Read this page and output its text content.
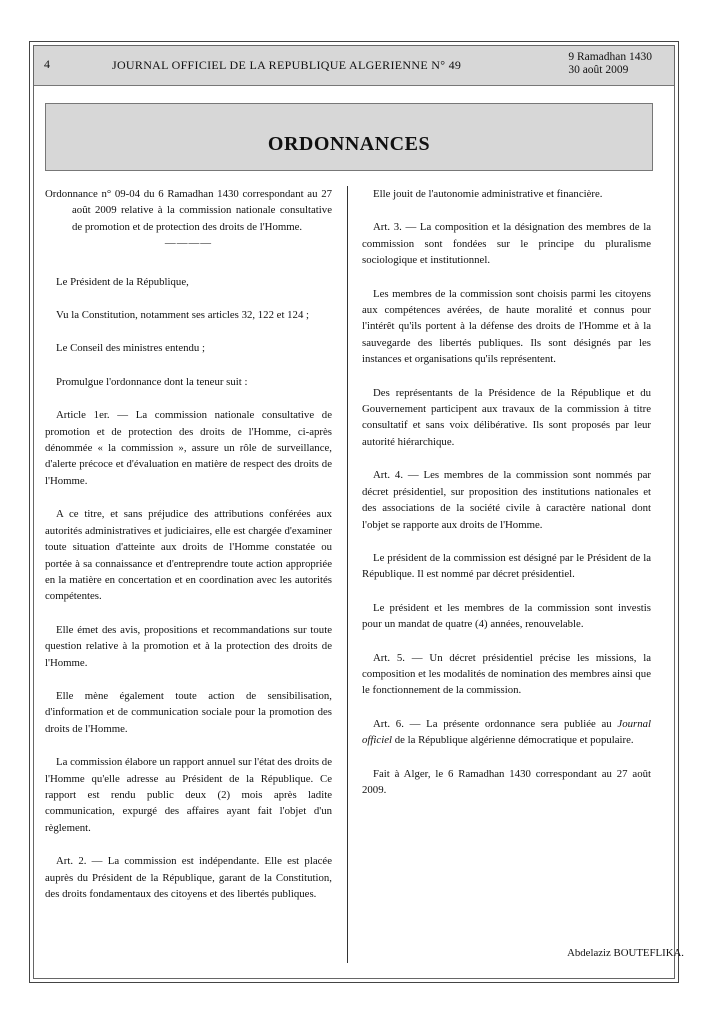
4	JOURNAL OFFICIEL DE LA REPUBLIQUE ALGERIENNE N° 49
9 Ramadhan 1430
30 août 2009
ORDONNANCES

Ordonnance n° 09-04 du 6 Ramadhan 1430 correspondant au 27 août 2009 relative à la commission nationale consultative de promotion et de protection des droits de l'Homme.

————

Le Président de la République,

Vu la Constitution, notamment ses articles 32, 122 et 124 ;

Le Conseil des ministres entendu ;

Promulgue l'ordonnance dont la teneur suit :

Article 1er. — La commission nationale consultative de promotion et de protection des droits de l'Homme, ci-après dénommée « la commission », assure un rôle de surveillance, d'alerte précoce et d'évaluation en matière de respect des droits de l'Homme.

A ce titre, et sans préjudice des attributions conférées aux autorités administratives et judiciaires, elle est chargée d'examiner toute situation d'atteinte aux droits de l'Homme constatée ou portée à sa connaissance et d'entreprendre toute action appropriée en la matière en concertation et en coordination avec les autorités compétentes.

Elle émet des avis, propositions et recommandations sur toute question relative à la promotion et à la protection des droits de l'Homme.

Elle mène également toute action de sensibilisation, d'information et de communication sociale pour la promotion des droits de l'Homme.

La commission élabore un rapport annuel sur l'état des droits de l'Homme qu'elle adresse au Président de la République. Ce rapport est rendu public deux (2) mois après ladite communication, expurgé des affaires ayant fait l'objet d'un règlement.

Art. 2. — La commission est indépendante. Elle est placée auprès du Président de la République, garant de la Constitution, des droits fondamentaux des citoyens et des libertés publiques.

Elle jouit de l'autonomie administrative et financière.

Art. 3. — La composition et la désignation des membres de la commission sont fondées sur le principe du pluralisme sociologique et institutionnel.

Les membres de la commission sont choisis parmi les citoyens aux compétences avérées, de haute moralité et connus pour l'intérêt qu'ils portent à la défense des droits de l'Homme et à la sauvegarde des libertés publiques. Ils sont désignés par les instances et organisations qu'ils représentent.

Des représentants de la Présidence de la République et du Gouvernement participent aux travaux de la commission à titre consultatif et sans voix délibérative. Ils sont proposés par leur autorité hiérarchique.

Art. 4. — Les membres de la commission sont nommés par décret présidentiel, sur proposition des institutions nationales et des associations de la société civile à caractère national dont l'objet se rapporte aux droits de l'Homme.

Le président de la commission est désigné par le Président de la République. Il est nommé par décret présidentiel.

Le président et les membres de la commission sont investis pour un mandat de quatre (4) années, renouvelable.

Art. 5. — Un décret présidentiel précise les missions, la composition et les modalités de nomination des membres ainsi que le fonctionnement de la commission.

Art. 6. — La présente ordonnance sera publiée au Journal officiel de la République algérienne démocratique et populaire.

Fait à Alger, le 6 Ramadhan 1430 correspondant au 27 août 2009.

Abdelaziz BOUTEFLIKA.
